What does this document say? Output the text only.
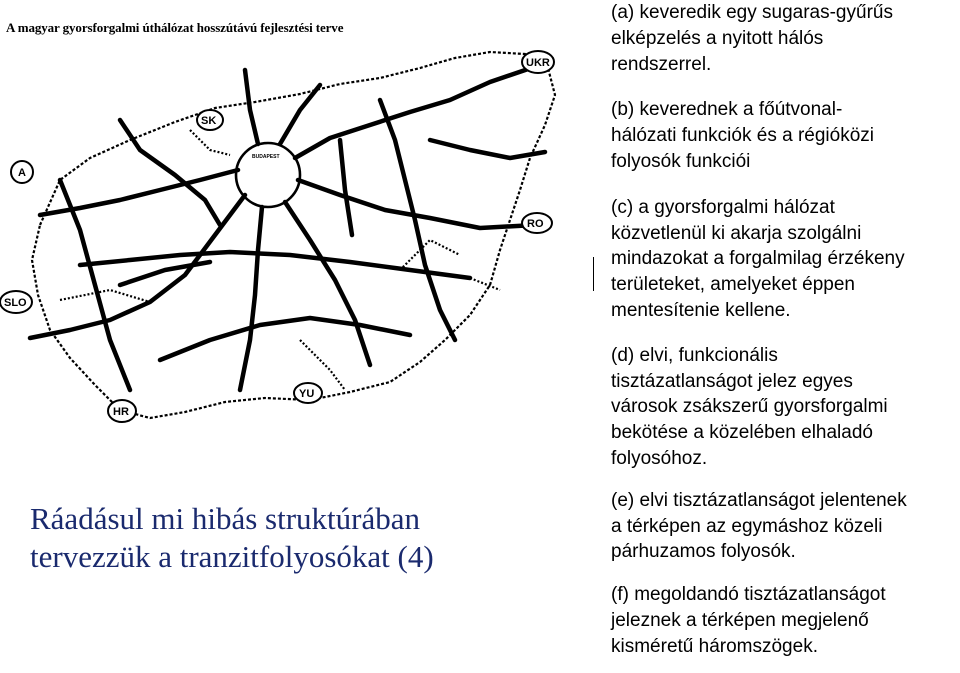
A magyar gyorsforgalmi úthálózat hosszútávú fejlesztési terve
BUDAPEST
UKR
SK
A
RO
SLO
HR
YU

Ráadásul mi hibás struktúrában
tervezzük a tranzitfolyosókat (4)

(a) keveredik egy sugaras-gyűrűs
elképzelés a nyitott hálós
rendszerrel.

(b) keverednek a főútvonal-
hálózati funkciók és a régióközi
folyosók funkciói

(c) a gyorsforgalmi hálózat
közvetlenül ki akarja szolgálni
mindazokat a forgalmilag érzékeny
területeket, amelyeket éppen
mentesítenie kellene.

(d) elvi, funkcionális
tisztázatlanságot jelez egyes
városok zsákszerű gyorsforgalmi
bekötése a közelében elhaladó
folyosóhoz.

(e) elvi tisztázatlanságot jelentenek
a térképen az egymáshoz közeli
párhuzamos folyosók.

(f) megoldandó tisztázatlanságot
jeleznek a térképen megjelenő
kisméretű háromszögek.
